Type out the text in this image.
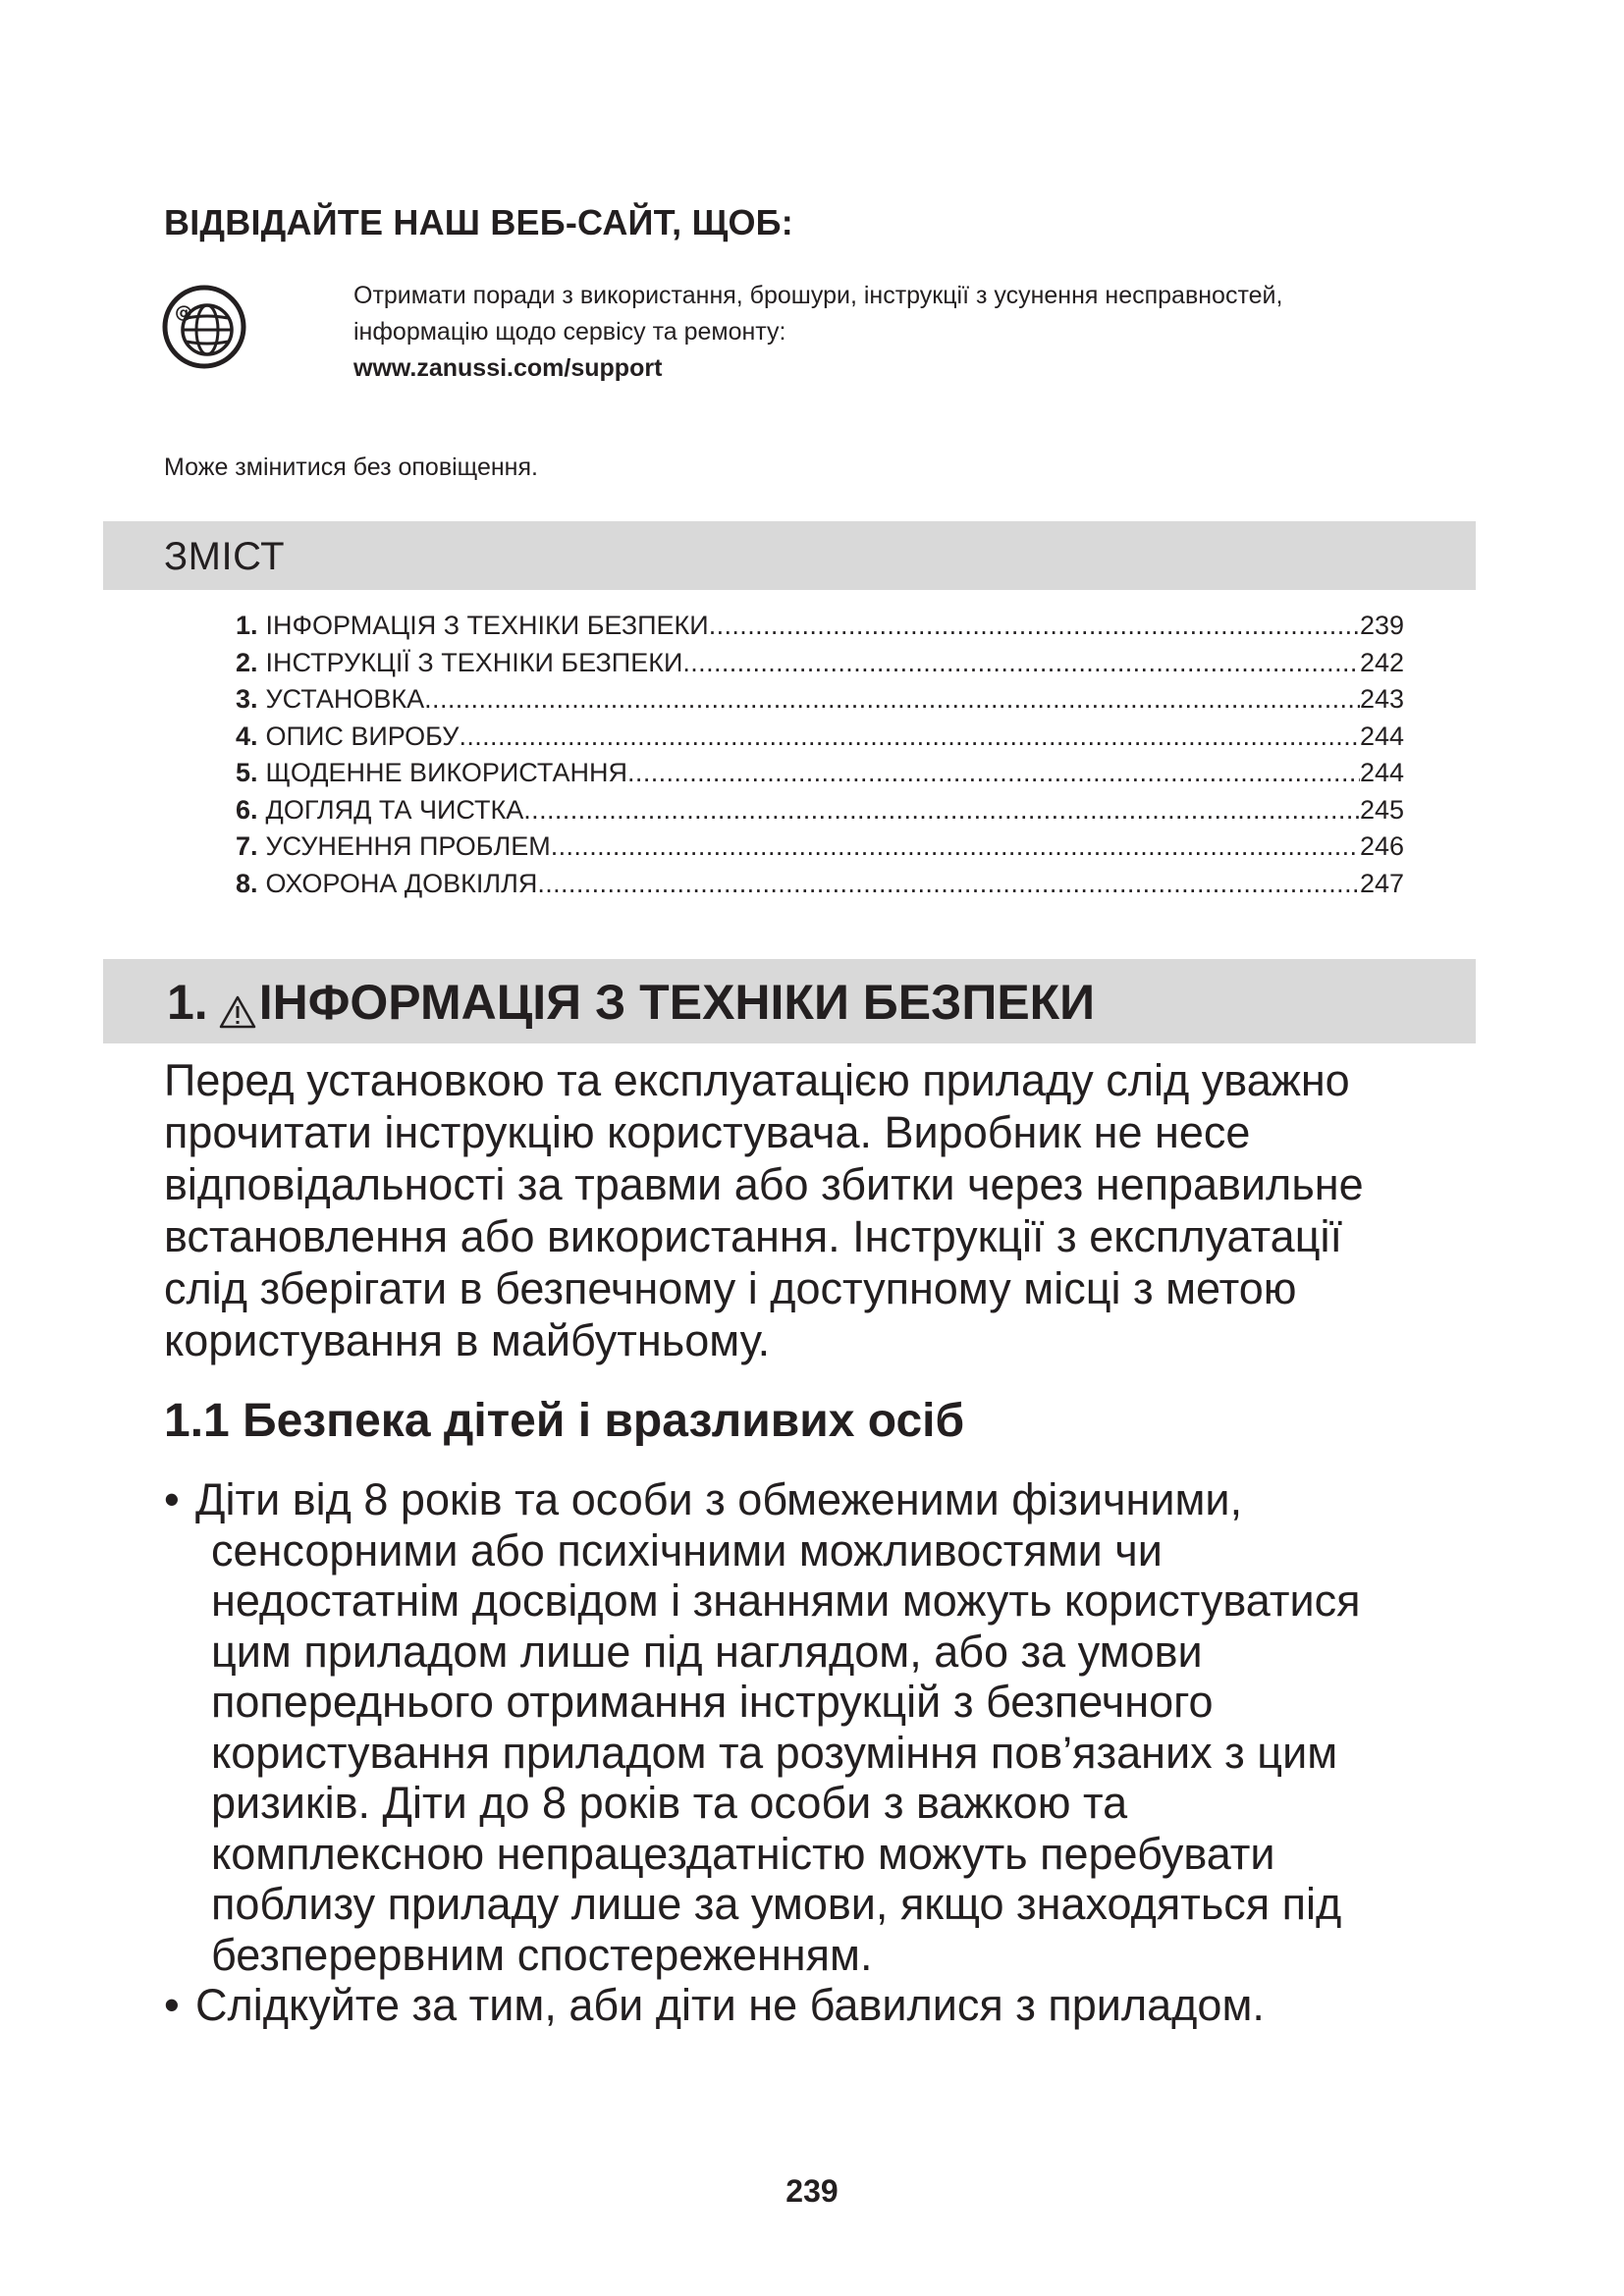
ВІДВІДАЙТЕ НАШ ВЕБ-САЙТ, ЩОБ:
@
Отримати поради з використання, брошури, інструкції з усунення несправностей,
інформацію щодо сервісу та ремонту:
www.zanussi.com/support
Може змінитися без оповіщення.
ЗМІСТ
1. ІНФОРМАЦІЯ З ТЕХНІКИ БЕЗПЕКИ .....	239
2. ІНСТРУКЦІЇ З ТЕХНІКИ БЕЗПЕКИ .....	242
3. УСТАНОВКА .....	243
4. ОПИС ВИРОБУ .....	244
5. ЩОДЕННЕ ВИКОРИСТАННЯ .....	244
6. ДОГЛЯД ТА ЧИСТКА .....	245
7. УСУНЕННЯ ПРОБЛЕМ .....	246
8. ОХОРОНА ДОВКІЛЛЯ .....	247
1. ІНФОРМАЦІЯ З ТЕХНІКИ БЕЗПЕКИ

Перед установкою та експлуатацією приладу слід уважно
прочитати інструкцію користувача. Виробник не несе
відповідальності за травми або збитки через неправильне
встановлення або використання. Інструкції з експлуатації
слід зберігати в безпечному і доступному місці з метою
користування в майбутньому.

1.1 Безпека дітей і вразливих осіб
• Діти від 8 років та особи з обмеженими фізичними,
сенсорними або психічними можливостями чи
недостатнім досвідом і знаннями можуть користуватися
цим приладом лише під наглядом, або за умови
попереднього отримання інструкцій з безпечного
користування приладом та розуміння пов’язаних з цим
ризиків. Діти до 8 років та особи з важкою та
комплексною непрацездатністю можуть перебувати
поблизу приладу лише за умови, якщо знаходяться під
безперервним спостереженням.
• Слідкуйте за тим, аби діти не бавилися з приладом.
239
